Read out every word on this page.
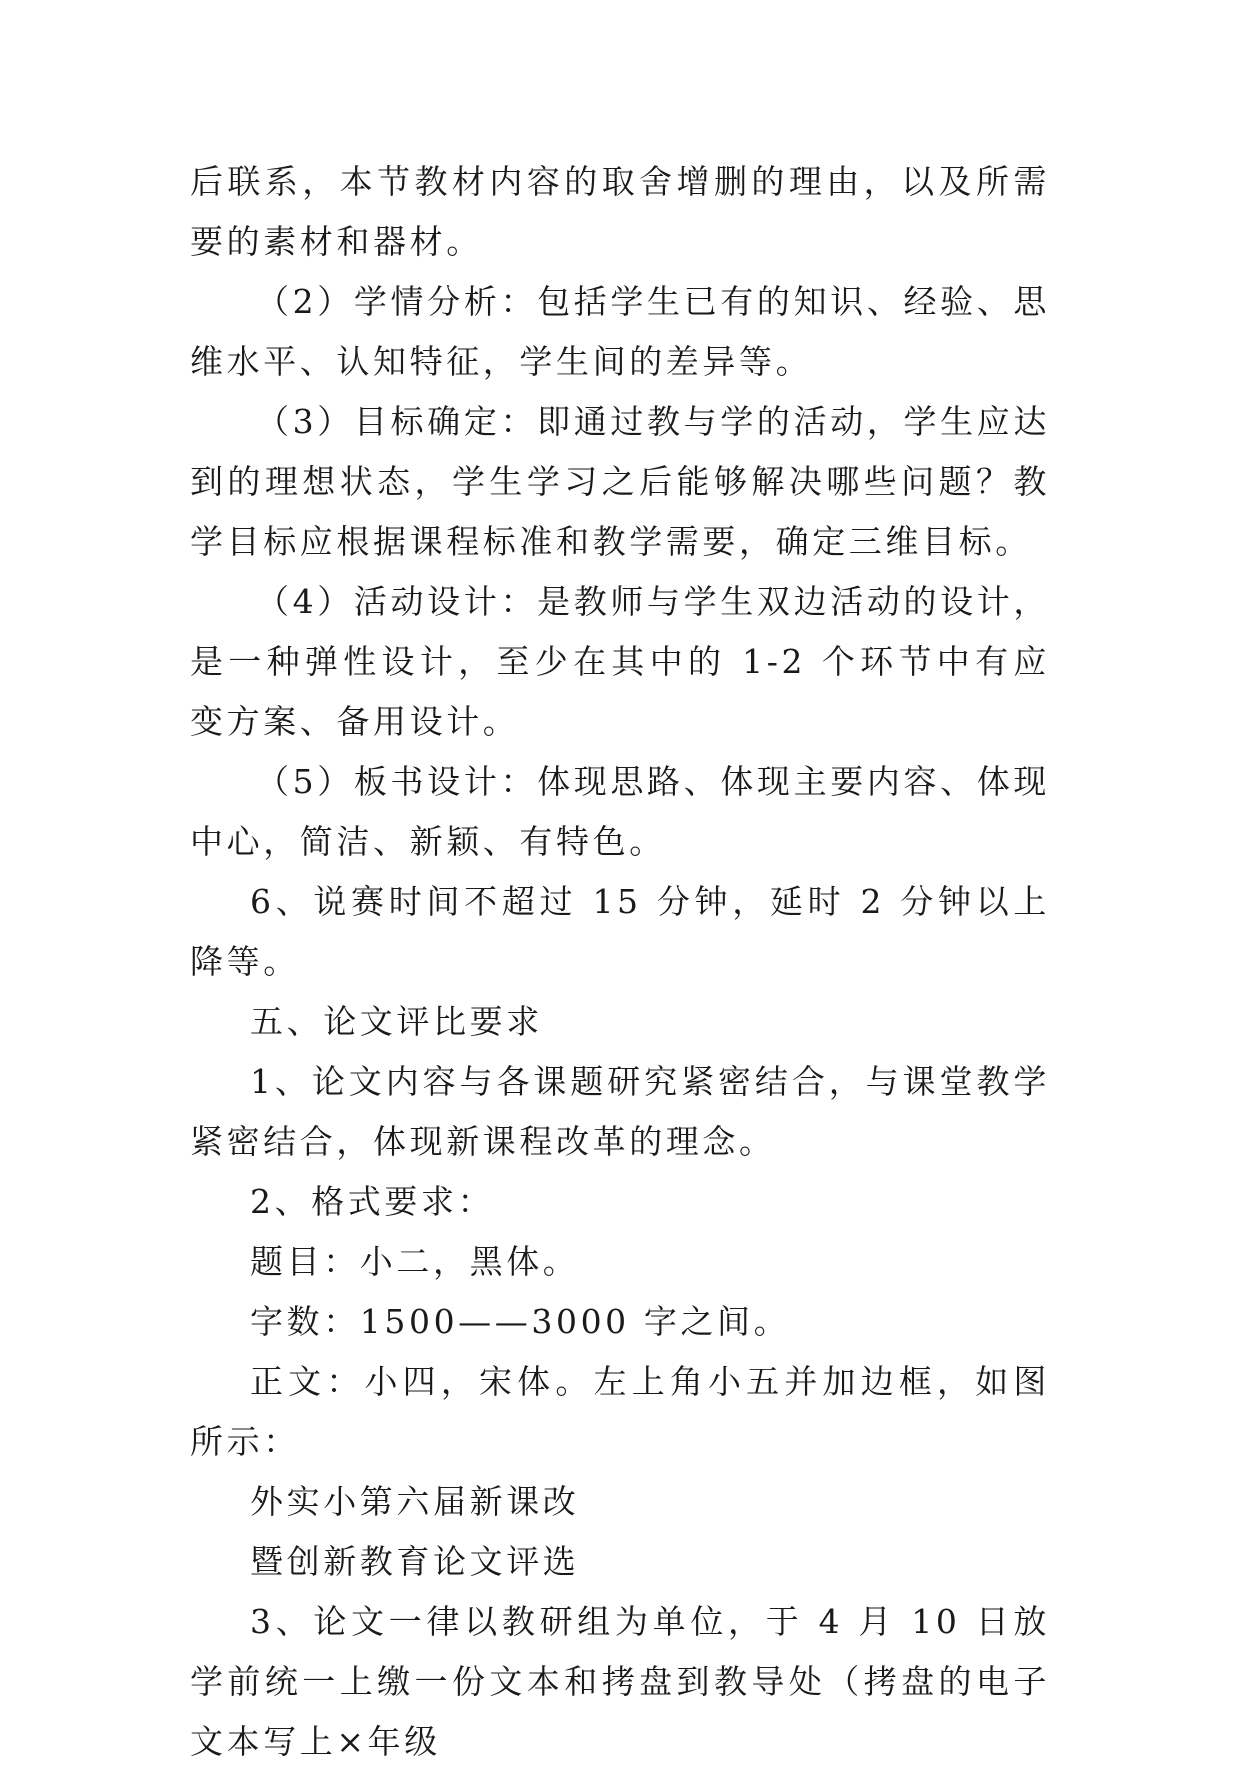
后联系，本节教材内容的取舍增删的理由，以及所需要的素材和器材。

（2）学情分析：包括学生已有的知识、经验、思维水平、认知特征，学生间的差异等。

（3）目标确定：即通过教与学的活动，学生应达到的理想状态，学生学习之后能够解决哪些问题？教学目标应根据课程标准和教学需要，确定三维目标。

（4）活动设计：是教师与学生双边活动的设计，是一种弹性设计，至少在其中的 1-2 个环节中有应变方案、备用设计。

（5）板书设计：体现思路、体现主要内容、体现中心，简洁、新颖、有特色。

6、说赛时间不超过 15 分钟，延时 2 分钟以上降等。

五、论文评比要求

1、论文内容与各课题研究紧密结合，与课堂教学紧密结合，体现新课程改革的理念。

2、格式要求：

题目：小二，黑体。

字数：1500——3000 字之间。

正文：小四，宋体。左上角小五并加边框，如图所示：

外实小第六届新课改

暨创新教育论文评选

3、论文一律以教研组为单位，于 4 月 10 日放学前统一上缴一份文本和拷盘到教导处（拷盘的电子文本写上×年级
